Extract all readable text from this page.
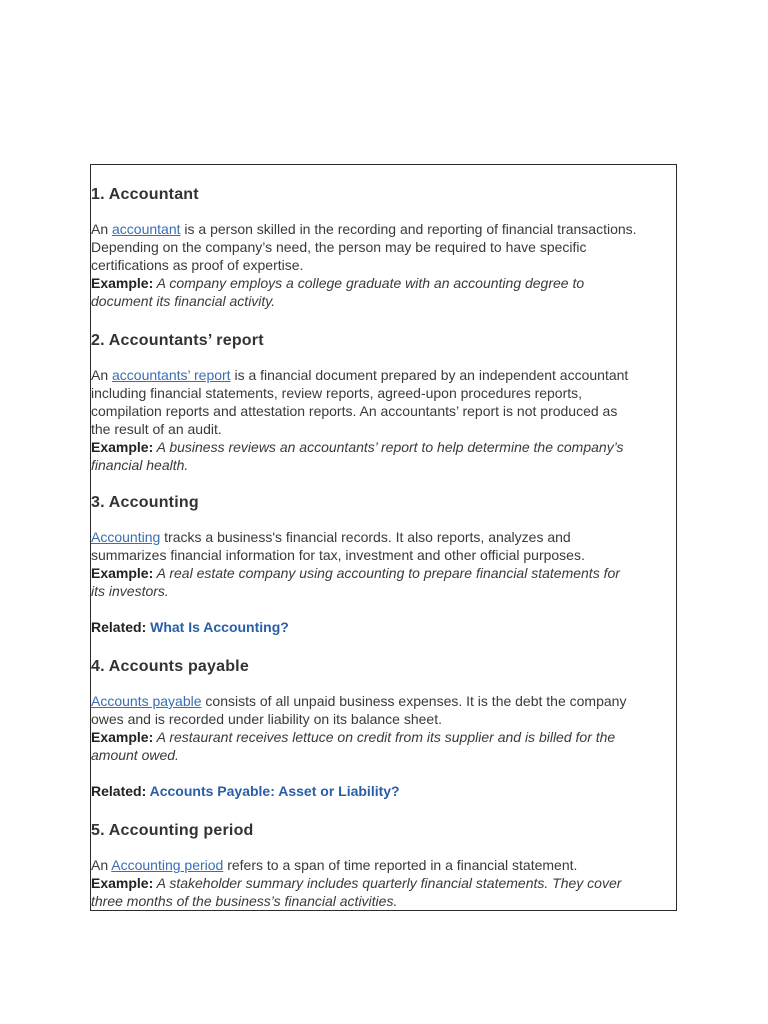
1. Accountant
An accountant is a person skilled in the recording and reporting of financial transactions.
Depending on the company’s need, the person may be required to have specific
certifications as proof of expertise.
Example: A company employs a college graduate with an accounting degree to
document its financial activity.
2. Accountants’ report
An accountants’ report is a financial document prepared by an independent accountant
including financial statements, review reports, agreed-upon procedures reports,
compilation reports and attestation reports. An accountants’ report is not produced as
the result of an audit.
Example: A business reviews an accountants’ report to help determine the company’s
financial health.
3. Accounting
Accounting tracks a business's financial records. It also reports, analyzes and
summarizes financial information for tax, investment and other official purposes.
Example: A real estate company using accounting to prepare financial statements for
its investors.
Related: What Is Accounting?
4. Accounts payable
Accounts payable consists of all unpaid business expenses. It is the debt the company
owes and is recorded under liability on its balance sheet.
Example: A restaurant receives lettuce on credit from its supplier and is billed for the
amount owed.
Related: Accounts Payable: Asset or Liability?
5. Accounting period
An Accounting period refers to a span of time reported in a financial statement.
Example: A stakeholder summary includes quarterly financial statements. They cover
three months of the business’s financial activities.
